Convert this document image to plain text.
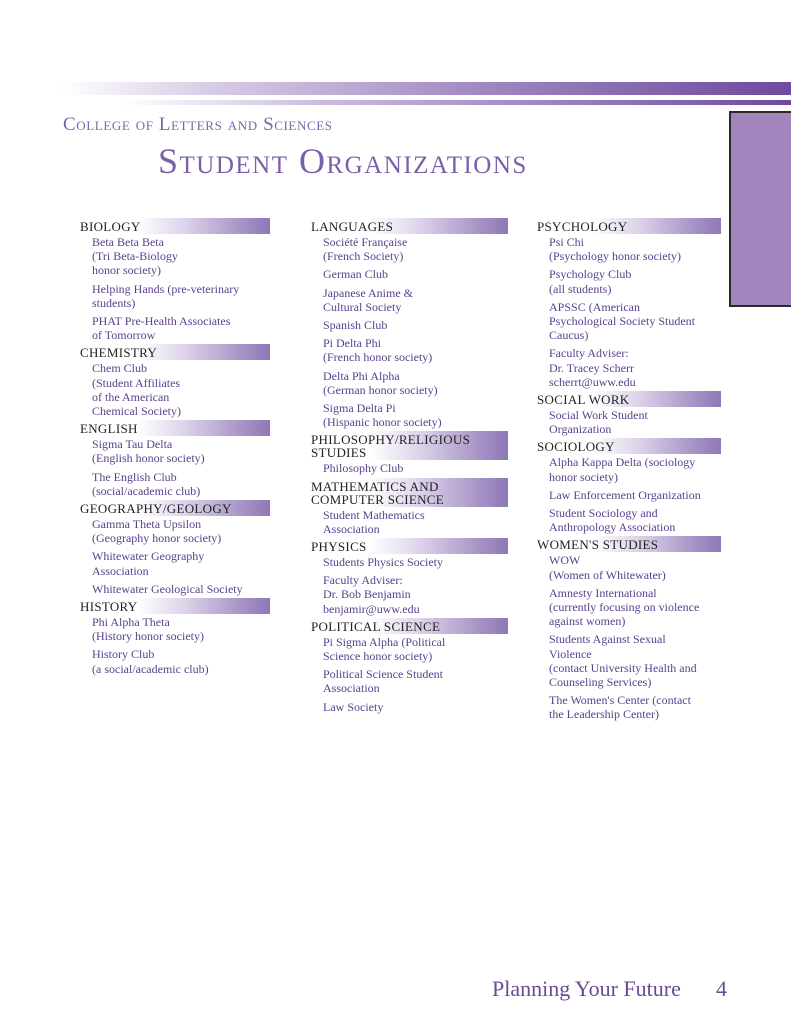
College of Letters and Sciences
Student Organizations
BIOLOGY
Beta Beta Beta
(Tri Beta-Biology
honor society)
Helping Hands (pre-veterinary
students)
PHAT Pre-Health Associates
of Tomorrow
CHEMISTRY
Chem Club
(Student Affiliates
of the American
Chemical Society)
ENGLISH
Sigma Tau Delta
(English honor society)
The English Club
(social/academic club)
GEOGRAPHY/GEOLOGY
Gamma Theta Upsilon
(Geography honor society)
Whitewater Geography
Association
Whitewater Geological Society
HISTORY
Phi Alpha Theta
(History honor society)
History Club
(a social/academic club)
LANGUAGES
Société Française
(French Society)
German Club
Japanese Anime &
Cultural Society
Spanish Club
Pi Delta Phi
(French honor society)
Delta Phi Alpha
(German honor society)
Sigma Delta Pi
(Hispanic honor society)
PHILOSOPHY/RELIGIOUS
STUDIES
Philosophy Club
MATHEMATICS AND
COMPUTER SCIENCE
Student Mathematics
Association
PHYSICS
Students Physics Society
Faculty Adviser:
Dr. Bob Benjamin
benjamir@uww.edu
POLITICAL SCIENCE
Pi Sigma Alpha (Political
Science honor society)
Political Science Student
Association
Law Society
PSYCHOLOGY
Psi Chi
(Psychology honor society)
Psychology Club
(all students)
APSSC (American
Psychological Society Student
Caucus)
Faculty Adviser:
Dr. Tracey Scherr
scherrt@uww.edu
SOCIAL WORK
Social Work Student
Organization
SOCIOLOGY
Alpha Kappa Delta (sociology
honor society)
Law Enforcement Organization
Student Sociology and
Anthropology Association
WOMEN'S STUDIES
WOW
(Women of Whitewater)
Amnesty International
(currently focusing on violence
against women)
Students Against Sexual
Violence
(contact University Health and
Counseling Services)
The Women's Center (contact
the Leadership Center)
Planning Your Future 4
